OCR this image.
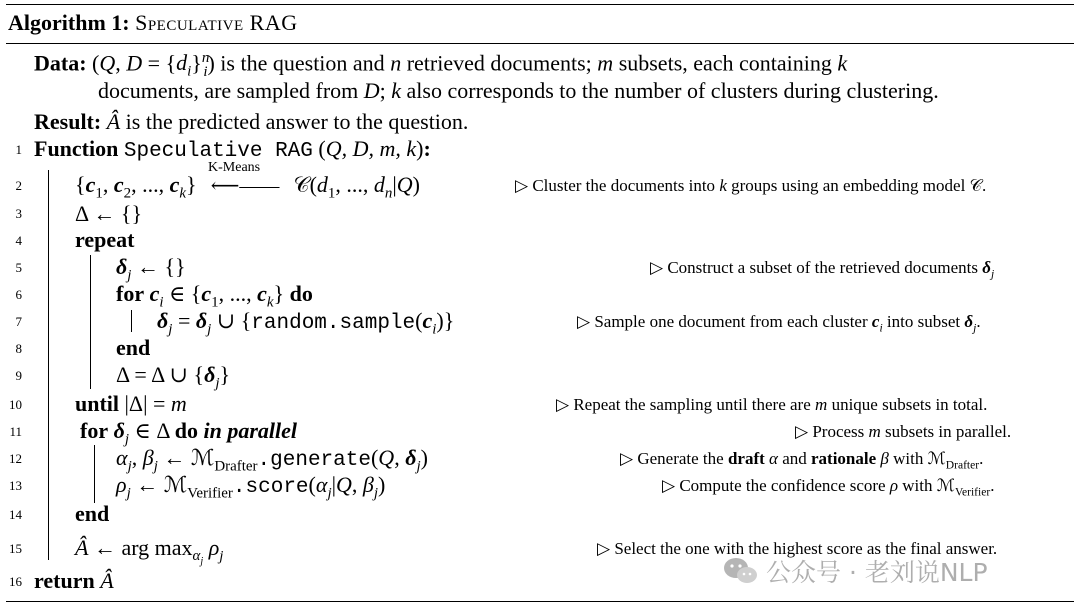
Algorithm 1: Speculative RAG
Data: (Q, $D = \{d_i\}^n_i$) is the question and n retrieved documents; m subsets, each containing k
documents, are sampled from D; k also corresponds to the number of clusters during clustering.
Result: Â is the predicted answer to the question.
1
2
3
4
5
6
7
8
9
10
11
12
13
14
15
16
Function Speculative RAG (Q, D, m, k):
{$c_1$, $c_2$, ..., $c_k$}
K-Means
⟵—— $𝒞(d_1$, ..., $d_n|Q$)	▷ Cluster the documents into k groups using an embedding model 𝒞.
Δ ← {}
repeat
$\delta_j$ ← {}	▷ Construct a subset of the retrieved documents $\delta_j$
for $c_i$ ∈ {$c_1$, ..., $c_k$} do
$\delta_j = \delta_j$ ∪ $\{random.sample(c_i)\}$	▷ Sample one document from each cluster $c_i$ into subset $\delta_j$.
end
Δ = Δ ∪ $\{\delta_j\}$
until |Δ| = m	▷ Repeat the sampling until there are m unique subsets in total.
for $\delta_j$ ∈ Δ do in parallel	▷ Process m subsets in parallel.
$\alpha_j$, $\beta_j$ ← ℳ$_{Drafter}$.generate(Q, $\delta_j$)	▷ Generate the draft α and rationale β with ℳ$_{Drafter}$.
$\rho_j$ ← $ℳ_{Verifier}.score(\alpha_j|Q$, $\beta_j$)	▷ Compute the confidence score ρ with ℳ$_{Verifier}$.
end
Â ← arg $\max_{\alpha_j} \rho_j$	▷ Select the one with the highest score as the final answer.
return Â	公众号 · 老刘说NLP
